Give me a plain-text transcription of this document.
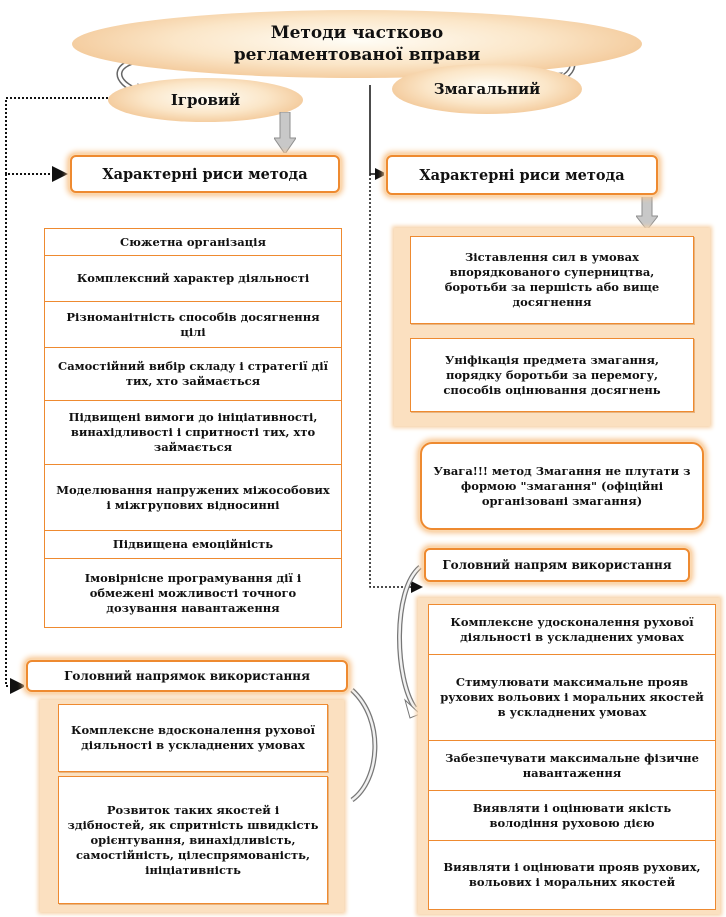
Методи частково регламентованої вправи
Ігровий
Змагальний
Характерні риси метода	Характерні риси метода
Сюжетна організація
Комплексний характер діяльності
Різноманітність способів досягнення цілі
Самостійний вибір складу і стратегії дії тих, хто займається
Підвищені вимоги до ініціативності, винахідливості і спритності тих, хто займається
Моделювання напружених міжособових і міжгрупових відносинні
Підвищена емоційність
Імовірнісне програмування дії і обмежені можливості точного дозування навантаження
Зіставлення сил в умовах впорядкованого суперництва, боротьби за першість або вище досягнення
Уніфікація предмета змагання, порядку боротьби за перемогу, способів оцінювання досягнень
Увага!!! метод Змагання не плутати з формою "змагання" (офіційні організовані змагання)
Головний напрям використання
Комплексне удосконалення рухової діяльності в ускладнених умовах
Стимулювати максимальне прояв рухових вольових і моральних якостей в ускладнених умовах
Забезпечувати максимальне фізичне навантаження
Виявляти і оцінювати якість володіння руховою дією
Виявляти і оцінювати прояв рухових, вольових і моральних якостей
Головний напрямок використання
Комплексне вдосконалення рухової діяльності в ускладнених умовах
Розвиток таких якостей і здібностей, як спритність швидкість орієнтування, винахідливість, самостійність, цілеспрямованість, ініціативність
